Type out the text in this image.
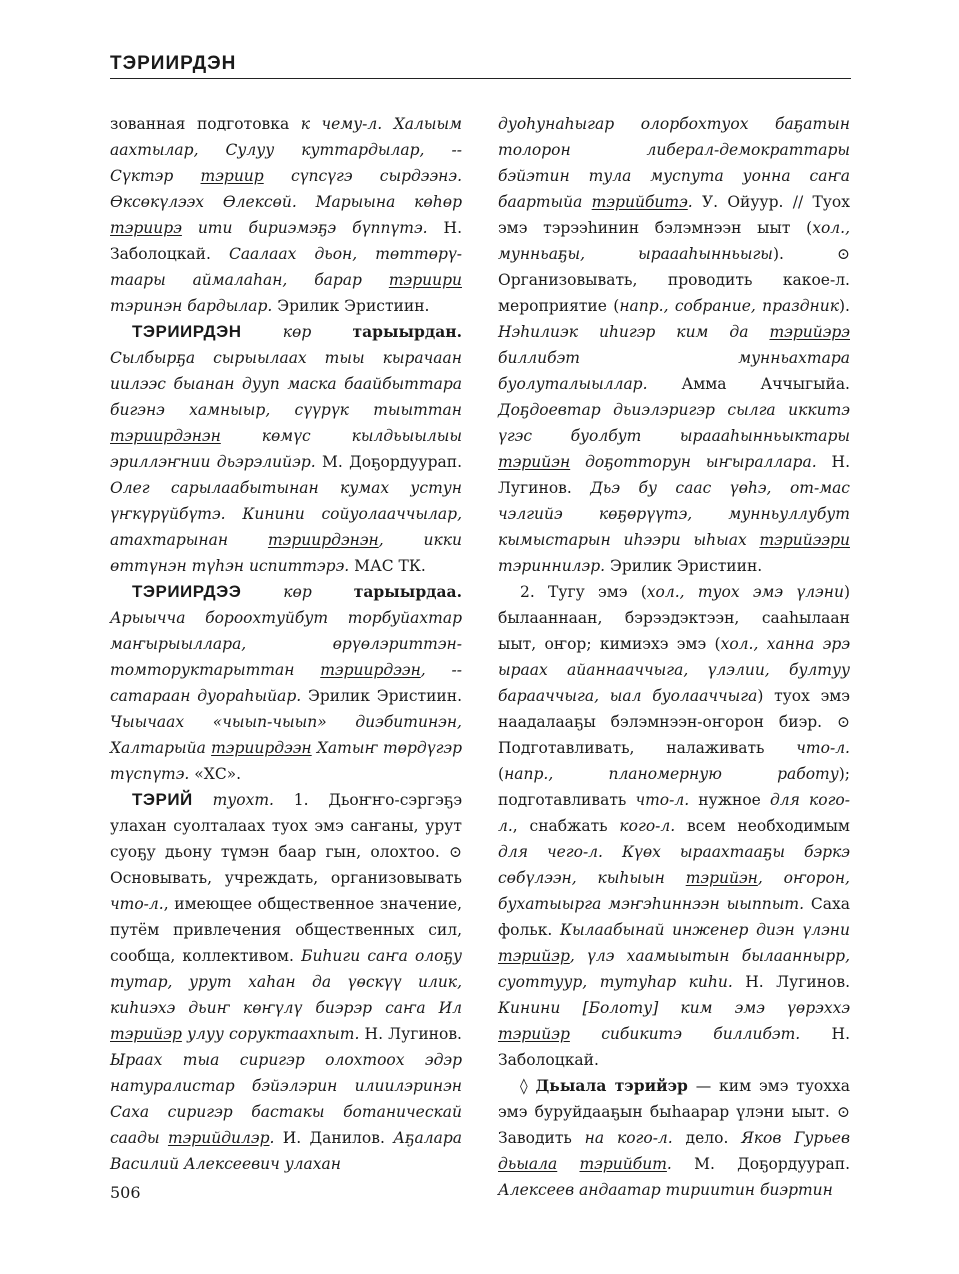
ТЭРИИРДЭН

зованная подготовка к чему-л. Халыым аахтылар, Сулуу куттардылар, -- Сүктэр тэриир сүпсүгэ сырдээнэ. Өксөкүлээх Өлексөй. Марыына көһөр тэриирэ ити бириэмэҕэ бүппүтэ. Н. Заболоцкай. Саалаах дьон, төттөрү-таары аймалаһан, барар тэриири тэринэн бардылар. Эрилик Эристиин.

ТЭРИИРДЭН	көр	тарыырдан. Сылбырҕа сырыылаах тыы кырачаан иилээс быанан дууп маска баайбыттара бигэнэ хамныыр, сүүрүк тыыттан тэриирдэнэн көмүс кылдьыылыы эриллэҥнии дьэрэлийэр. М. Доҕордуурап. Олег сарылаабытынан кумах устун үҥкүрүйбүтэ. Кинини сойуолааччылар, атахтарынан тэриирдэнэн, икки өттүнэн түһэн испиттэрэ. МАС ТК.

ТЭРИИРДЭЭ	көр	тарыырдаа. Арыычча бороохтуйбут торбуйахтар маҥырыыллара, өрүөлэриттэн-томторуктарыттан тэриирдээн, -- сатараан дуораһыйар. Эрилик Эристиин. Чыычаах «чыып-чыып» диэбитинэн, Халтарыйа тэриирдээн Хатыҥ төрдүгэр түспүтэ. «ХС».

ТЭРИЙ туохт. 1. Дьоҥҥо-сэргэҕэ улахан суолталаах туох эмэ саҥаны, урут суоҕу дьону түмэн баар гын, олохтоо. ⊙ Основывать, учреждать, организовывать что-л., имеющее общественное значение, путём привлечения общественных сил, сообща, коллективом. Биһиги саҥа олоҕу тутар, урут хаһан да үөскүү илик, киһиэхэ дьиҥ көҥүлү биэрэр саҥа Ил тэрийэр улуу соруктаахпыт. Н. Лугинов. Ыраах тыа сиригэр олохтоох эдэр натуралистар бэйэлэрин илиилэринэн Саха сиригэр бастакы ботаническай саады тэрийдилэр. И. Данилов. Аҕалара Василий Алексеевич улахан

дуоһунаһыгар олорбохтуох баҕатын толорон либерал-демократтары бэйэтин тула муспута уонна саҥа баартыйа тэрийбитэ. У. Ойуур. // Туох эмэ тэрээһинин бэлэмнээн ыыт (хол., мунньаҕы, ыраааһынньыгы). ⊙ Организовывать, проводить какое-л. мероприятие (напр., собрание, праздник). Нэһилиэк иһигэр ким да тэрийэрэ биллибэт мунньахтара буолуталыыллар. Амма Аччыгыйа. Доҕдоевтар дьиэлэригэр сылга иккитэ үгэс буолбут ыраааһынньыктары тэрийэн доҕотторун ыҥыраллара. Н. Лугинов. Дьэ бу саас үөһэ, от-мас чэлгийэ көҕөрүүтэ, мунньуллубут кымыстарын иһээри ыһыах тэрийээри тэриннилэр. Эрилик Эристиин.

2. Тугу эмэ (хол., туох эмэ үлэни) былааннаан, бэрээдэктээн, сааһылаан ыыт, оҥор; кимиэхэ эмэ (хол., ханна эрэ ыраах айаннааччыга, үлэлии, бултуу барааччыга, ыал буолааччыга) туох эмэ наадалааҕы бэлэмнээн-оҥорон биэр. ⊙ Подготавливать, налаживать что-л. (напр., планомерную работу); подготавливать что-л. нужное для кого-л., снабжать кого-л. всем необходимым для чего-л. Күөх ыраахтааҕы бэркэ сөбүлээн, кыһыын тэрийэн, оҥорон, бухатыырга мэҥэһиннээн ыыппыт. Саха фольк. Кылаабынай инженер диэн үлэни тэрийэр, үлэ хаамыытын былааннырр, суоттуур, тутуһар киһи. Н. Лугинов. Кинини [Болоту] ким эмэ үөрэххэ тэрийэр сибикитэ биллибэт. Н. Заболоцкай.

◊ Дьыала тэрийэр — ким эмэ туохха эмэ буруйдааҕын быһаарар үлэни ыыт. ⊙ Заводить на кого-л. дело. Яков Гурьев дьыала тэрийбит. М. Доҕордуурап. Алексеев андаатар тириитин биэртин

506
